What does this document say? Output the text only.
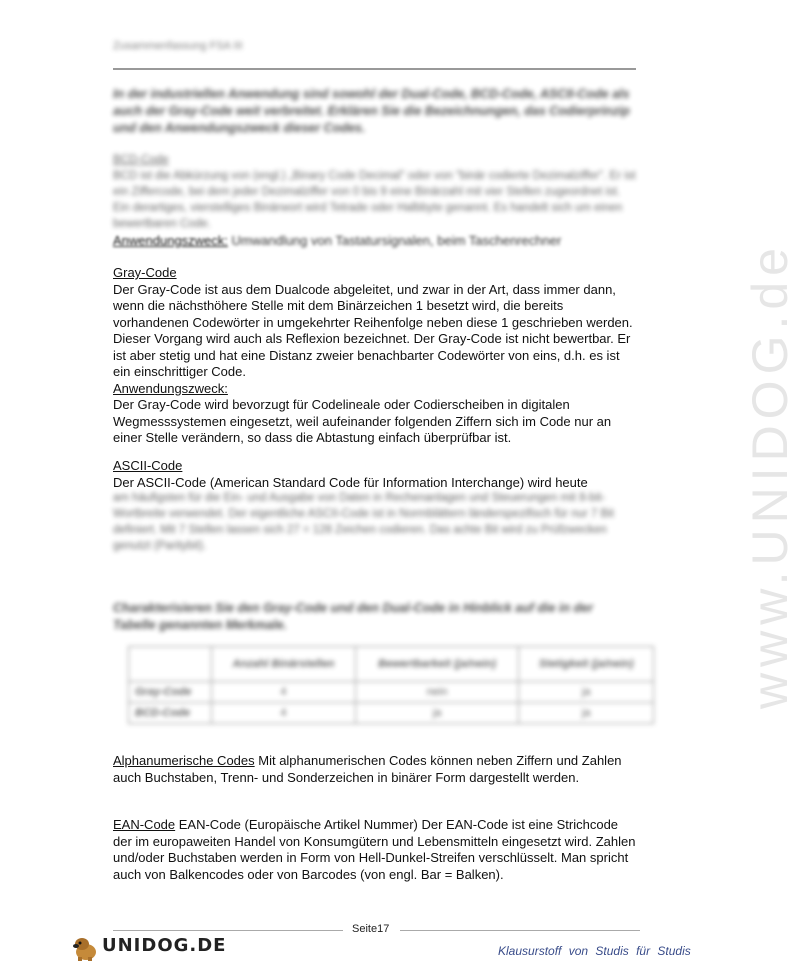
Zusammenfassung FSA III
In der industriellen Anwendung sind sowohl der Dual-Code, BCD-Code, ASCII-Code als auch der Gray-Code weit verbreitet. Erklären Sie die Bezeichnungen, das Codierprinzip und den Anwendungszweck dieser Codes.
BCD-Code
BCD ist die Abkürzung von (engl.) „Binary Code Decimal" oder von "binär codierte Dezimalziffer". Er ist ein Ziffercode, bei dem jeder Dezimalziffer von 0 bis 9 eine Binärzahl mit vier Stellen zugeordnet ist. Ein derartiges, vierstelliges Binärwort wird Tetrade oder Halbbyte genannt. Es handelt sich um einen bewertbaren Code.
Anwendungszweck: Umwandlung von Tastatursignalen, beim Taschenrechner
Gray-Code
Der Gray-Code ist aus dem Dualcode abgeleitet, und zwar in der Art, dass immer dann, wenn die nächsthöhere Stelle mit dem Binärzeichen 1 besetzt wird, die bereits vorhandenen Codewörter in umgekehrter Reihenfolge neben diese 1 geschrieben werden. Dieser Vorgang wird auch als Reflexion bezeichnet. Der Gray-Code ist nicht bewertbar. Er ist aber stetig und hat eine Distanz zweier benachbarter Codewörter von eins, d.h. es ist ein einschrittiger Code.
Anwendungszweck:
Der Gray-Code wird bevorzugt für Codelineale oder Codierscheiben in digitalen Wegmesssystemen eingesetzt, weil aufeinander folgenden Ziffern sich im Code nur an einer Stelle verändern, so dass die Abtastung einfach überprüfbar ist.
ASCII-Code
Der ASCII-Code (American Standard Code für Information Interchange) wird heute
am häufigsten für die Ein- und Ausgabe von Daten in Rechenanlagen und Steuerungen mit 8-bit-Wortbreite verwendet. Der eigentliche ASCII-Code ist in Normblättern länderspezifisch für nur 7 Bit definiert. Mit 7 Stellen lassen sich 27 = 128 Zeichen codieren. Das achte Bit wird zu Prüfzwecken genutzt (Paritybit).
Charakterisieren Sie den Gray-Code und den Dual-Code in Hinblick auf die in der Tabelle genannten Merkmale.
	Anzahl Binärstellen	Bewertbarkeit (ja/nein)	Stetigkeit (ja/nein)
Gray-Code	4	nein	ja
BCD-Code	4	ja	ja
Alphanumerische Codes Mit alphanumerischen Codes können neben Ziffern und Zahlen auch Buchstaben, Trenn- und Sonderzeichen in binärer Form dargestellt werden.
EAN-Code EAN-Code (Europäische Artikel Nummer) Der EAN-Code ist eine Strichcode der im europaweiten Handel von Konsumgütern und Lebensmitteln eingesetzt wird. Zahlen und/oder Buchstaben werden in Form von Hell-Dunkel-Streifen verschlüsselt. Man spricht auch von Balkencodes oder von Barcodes (von engl. Bar = Balken).
www.UNIDOG.de
Seite17
UNIDOG.DE	Klausurstoff von Studis für Studis
